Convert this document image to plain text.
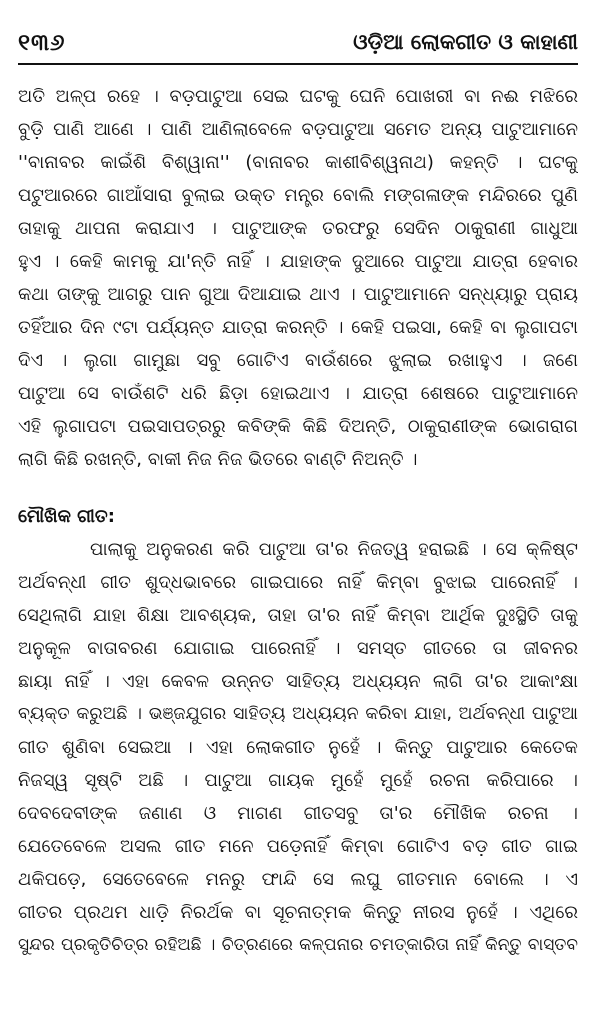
୧୩୬	ଓଡ଼ିଆ ଲୋକଗୀତ ଓ କାହାଣୀ
ଅତି ଅଳ୍ପ ରହେ । ବଡ଼ପାଟୁଆ ସେଇ ଘଟକୁ ଘେନି ପୋଖରୀ ବା ନଈ ମଝିରେ
ବୁଡ଼ି ପାଣି ଆଣେ । ପାଣି ଆଣିଲାବେଳେ ବଡ଼ପାଟୁଆ ସମେତ ଅନ୍ୟ ପାଟୁଆମାନେ
''ବାନାବର କାଇଁଶି ବିଶ୍ୱାନା'' (ବାନାବର କାଶୀବିଶ୍ୱନାଥ) କହନ୍ତି । ଘଟକୁ
ପଟୁଆରରେ ଗାଆଁସାରା ବୁଲାଇ ଉକ୍ତ ମନ୍ତ୍ର ବୋଲି ମଙ୍ଗଳାଙ୍କ ମନ୍ଦିରରେ ପୁଣି
ତାହାକୁ ଥାପନା କରାଯାଏ । ପାଟୁଆଙ୍କ ତରଫରୁ ସେଦିନ ଠାକୁରାଣୀ ଗାଧୁଆ
ହୁଏ । କେହି କାମକୁ ଯା'ନ୍ତି ନାହିଁ । ଯାହାଙ୍କ ଦୁଆରେ ପାଟୁଆ ଯାତ୍ରା ହେବାର
କଥା ତାଙ୍କୁ ଆଗରୁ ପାନ ଗୁଆ ଦିଆଯାଇ ଥାଏ । ପାଟୁଆମାନେ ସନ୍ଧ୍ୟାରୁ ପ୍ରାୟ
ତହିଁଆର ଦିନ ୯ଟା ପର୍ଯ୍ୟନ୍ତ ଯାତ୍ରା କରନ୍ତି । କେହି ପଇସା, କେହି ବା ଲୁଗାପଟା
ଦିଏ । ଲୁଗା ଗାମୁଛା ସବୁ ଗୋଟିଏ ବାଉଁଶରେ ଝୁଲାଇ ରଖାହୁଏ । ଜଣେ
ପାଟୁଆ ସେ ବାଉଁଶଟି ଧରି ଛିଡ଼ା ହୋଇଥାଏ । ଯାତ୍ରା ଶେଷରେ ପାଟୁଆମାନେ
ଏହି ଲୁଗାପଟା ପଇସାପତ୍ରରୁ କବିଙ୍କି କିଛି ଦିଅନ୍ତି, ଠାକୁରାଣୀଙ୍କ ଭୋଗରାଗ
ଲାଗି କିଛି ରଖନ୍ତି, ବାକୀ ନିଜ ନିଜ ଭିତରେ ବାଣ୍ଟି ନିଅନ୍ତି ।
ମୌଖିକ ଗୀତ:
ପାଲାକୁ ଅନୁକରଣ କରି ପାଟୁଆ ତା'ର ନିଜତ୍ୱ ହରାଇଛି । ସେ କ୍ଳିଷ୍ଟ
ଅର୍ଥବନ୍ଧୀ ଗୀତ ଶୁଦ୍ଧଭାବରେ ଗାଇପାରେ ନାହିଁ କିମ୍ବା ବୁଝାଇ ପାରେନାହିଁ ।
ସେଥିଲାଗି ଯାହା ଶିକ୍ଷା ଆବଶ୍ୟକ, ତାହା ତା'ର ନାହିଁ କିମ୍ବା ଆର୍ଥିକ ଦୁଃସ୍ଥିତି ତାକୁ
ଅନୁକୂଳ ବାତାବରଣ ଯୋଗାଇ ପାରେନାହିଁ । ସମସ୍ତ ଗୀତରେ ତା ଜୀବନର
ଛାୟା ନାହିଁ । ଏହା କେବଳ ଉନ୍ନତ ସାହିତ୍ୟ ଅଧ୍ୟୟନ ଲାଗି ତା'ର ଆକାଂକ୍ଷା
ବ୍ୟକ୍ତ କରୁଅଛି । ଭଞ୍ଜଯୁଗର ସାହିତ୍ୟ ଅଧ୍ୟୟନ କରିବା ଯାହା, ଅର୍ଥବନ୍ଧୀ ପାଟୁଆ
ଗୀତ ଶୁଣିବା ସେଇଆ । ଏହା ଲୋକଗୀତ ନୁହେଁ । କିନ୍ତୁ ପାଟୁଆର କେତେକ
ନିଜସ୍ୱ ସୃଷ୍ଟି ଅଛି । ପାଟୁଆ ଗାୟକ ମୁହେଁ ମୁହେଁ ରଚନା କରିପାରେ ।
ଦେବଦେବୀଙ୍କ ଜଣାଣ ଓ ମାଗଣ ଗୀତସବୁ ତା'ର ମୌଖିକ ରଚନା ।
ଯେତେବେଳେ ଅସଲ ଗୀତ ମନେ ପଡ଼େନାହିଁ କିମ୍ବା ଗୋଟିଏ ବଡ଼ ଗୀତ ଗାଇ
ଥକିପଡ଼େ, ସେତେବେଳେ ମନରୁ ଫାନ୍ଦି ସେ ଲଘୁ ଗୀତମାନ ବୋଲେ । ଏ
ଗୀତର ପ୍ରଥମ ଧାଡ଼ି ନିରର୍ଥକ ବା ସୂଚନାତ୍ମକ କିନ୍ତୁ ନୀରସ ନୁହେଁ । ଏଥିରେ
ସୁନ୍ଦର ପ୍ରକୃତିଚିତ୍ର ରହିଅଛି । ଚିତ୍ରଣରେ କଳ୍ପନାର ଚମତ୍କାରିତା ନାହିଁ କିନ୍ତୁ ବାସ୍ତବ
